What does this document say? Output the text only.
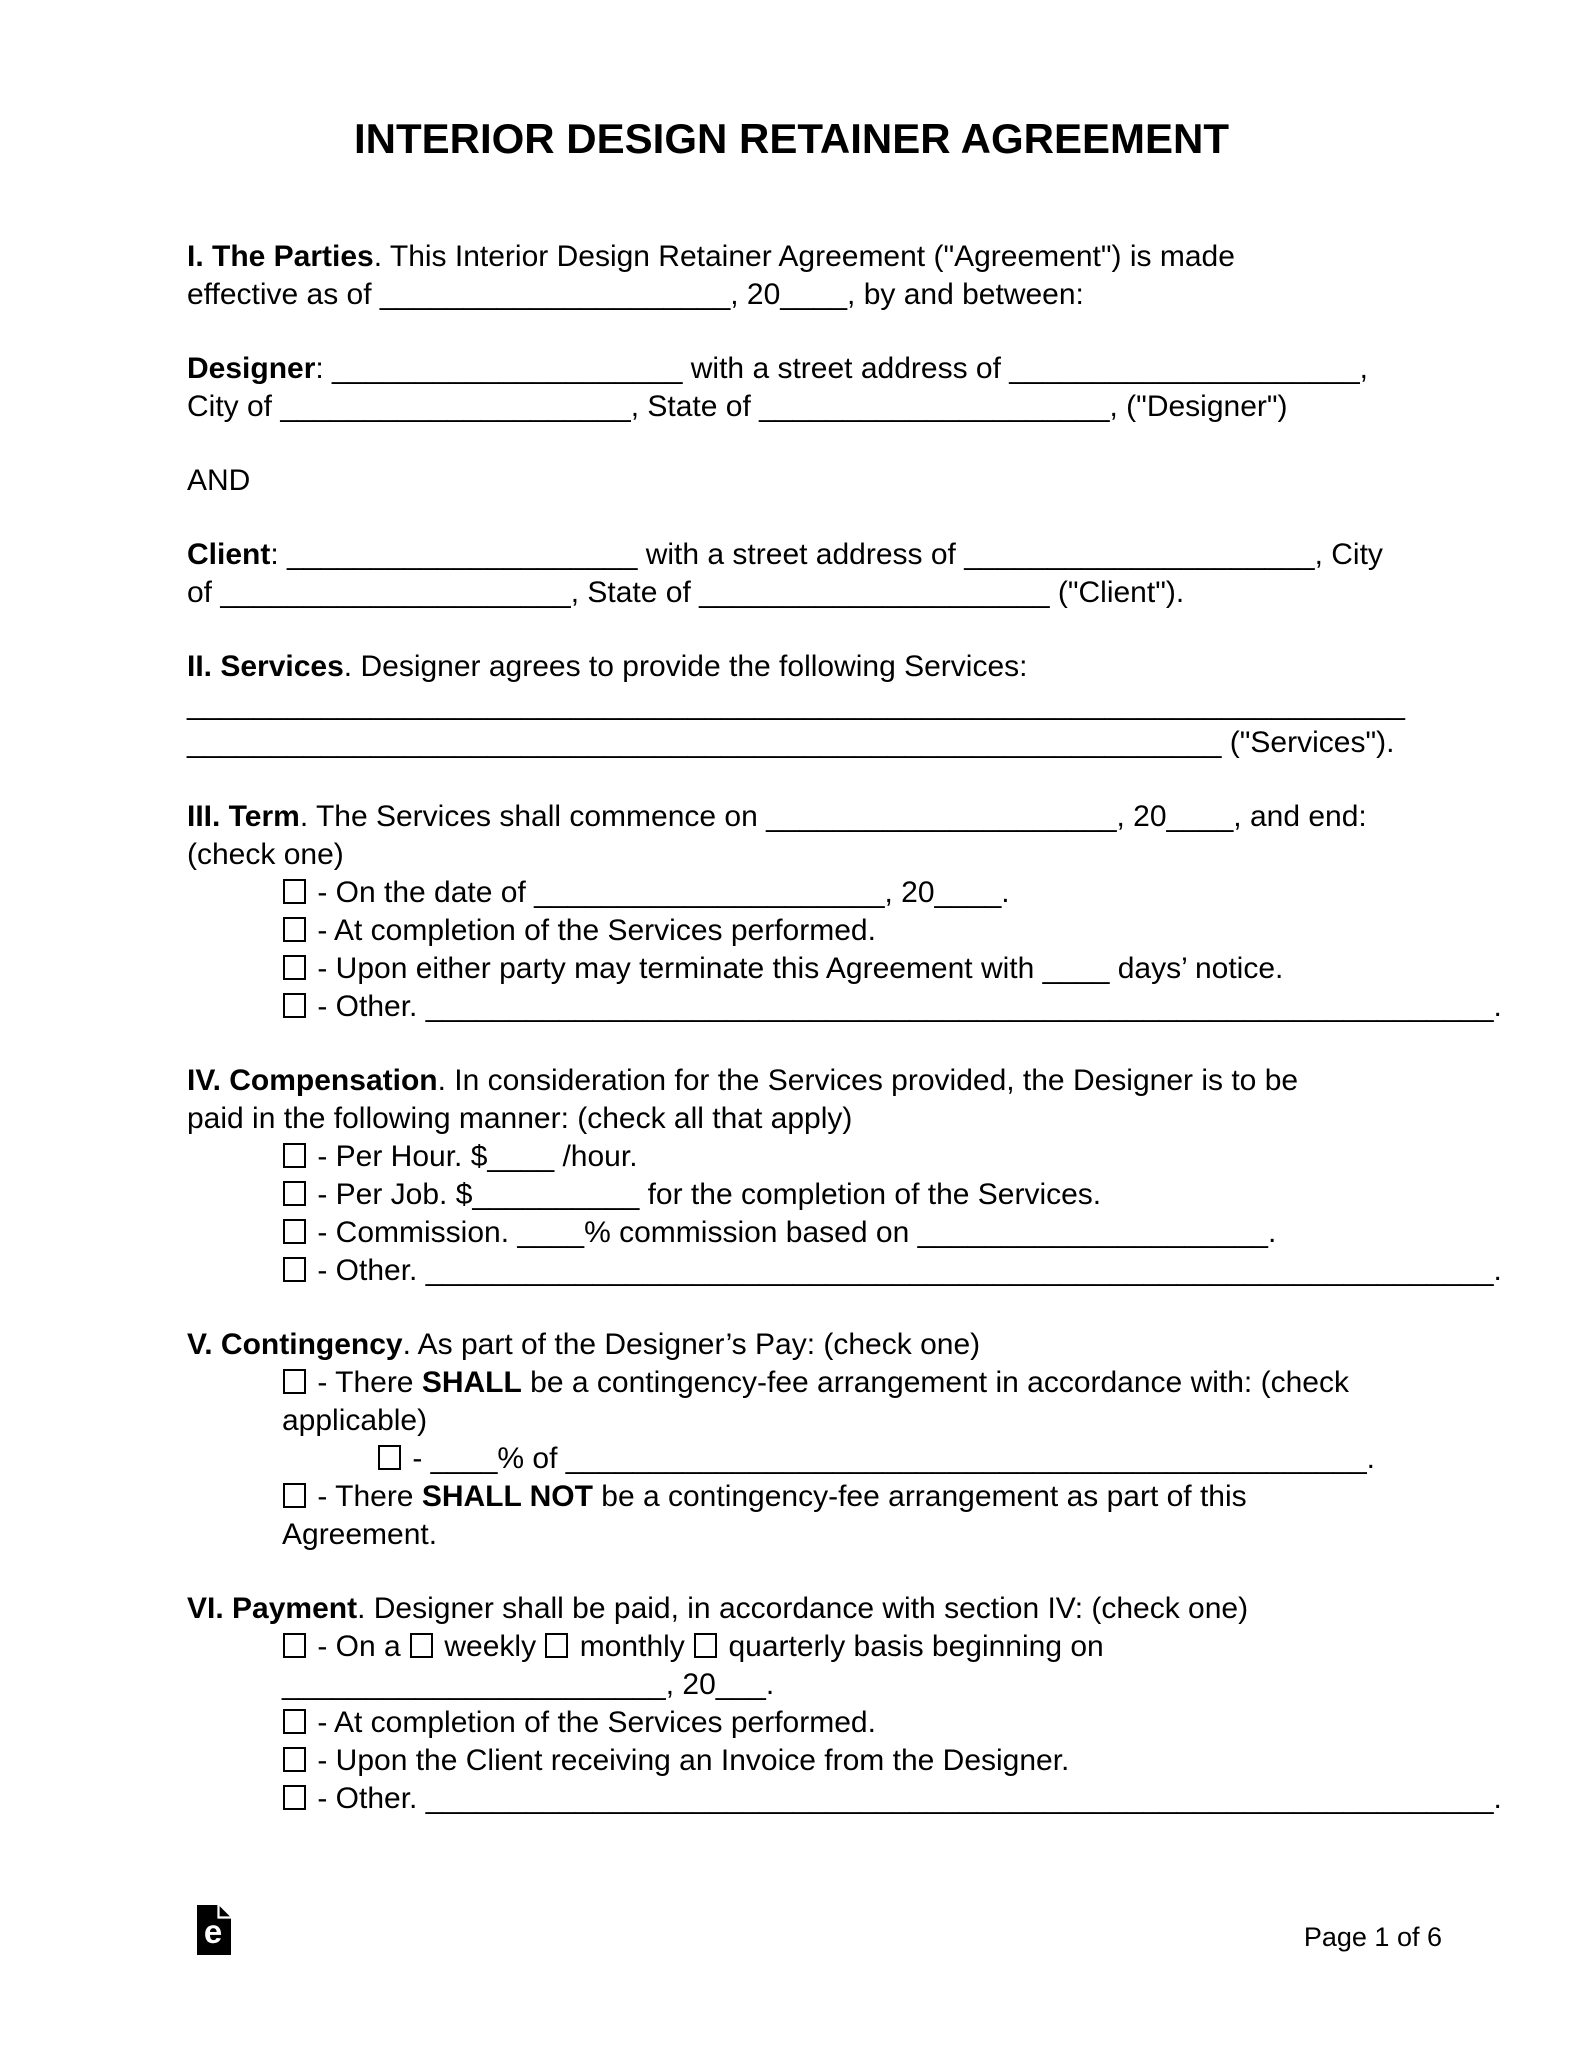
INTERIOR DESIGN RETAINER AGREEMENT
I. The Parties. This Interior Design Retainer Agreement ("Agreement") is made
effective as of _____________________, 20____, by and between:
Designer: _____________________ with a street address of _____________________,
City of _____________________, State of _____________________, ("Designer")
AND
Client: _____________________ with a street address of _____________________, City
of _____________________, State of _____________________ ("Client").
II. Services. Designer agrees to provide the following Services:
_________________________________________________________________________
______________________________________________________________ ("Services").
III. Term. The Services shall commence on _____________________, 20____, and end:
(check one)
- On the date of _____________________, 20____.
- At completion of the Services performed.
- Upon either party may terminate this Agreement with ____ days’ notice.
- Other. ________________________________________________________________.
IV. Compensation. In consideration for the Services provided, the Designer is to be
paid in the following manner: (check all that apply)
- Per Hour. $____ /hour.
- Per Job. $__________ for the completion of the Services.
- Commission. ____% commission based on _____________________.
- Other. ________________________________________________________________.
V. Contingency. As part of the Designer’s Pay: (check one)
- There SHALL be a contingency-fee arrangement in accordance with: (check
applicable)
- ____% of ________________________________________________.
- There SHALL NOT be a contingency-fee arrangement as part of this
Agreement.
VI. Payment. Designer shall be paid, in accordance with section IV: (check one)
- On a  weekly  monthly  quarterly basis beginning on
_______________________, 20___.
- At completion of the Services performed.
- Upon the Client receiving an Invoice from the Designer.
- Other. ________________________________________________________________.
e	Page 1 of 6
